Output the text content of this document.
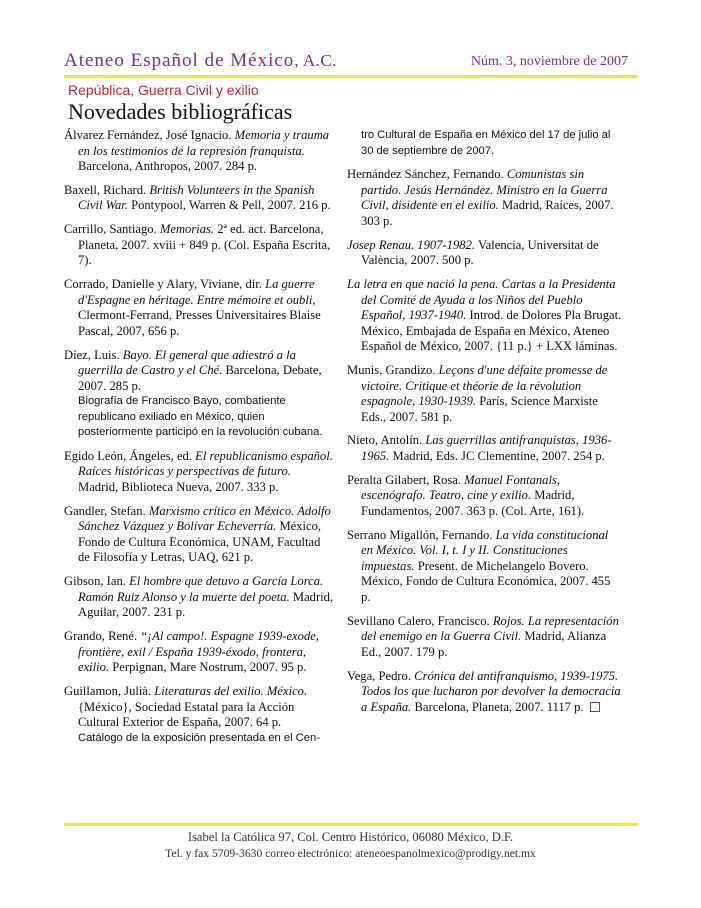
Ateneo Español de México, A.C.	Núm. 3, noviembre de 2007
República, Guerra Civil y exilio
Novedades bibliográficas

Álvarez Fernández, José Ignacio. Memoria y trauma en los testimonios de la represión franquista. Barcelona, Anthropos, 2007. 284 p.

Baxell, Richard. British Volunteers in the Spanish Civil War. Pontypool, Warren & Pell, 2007. 216 p.

Carrillo, Santiago. Memorias. 2ª ed. act. Barcelona, Planeta, 2007. xviii + 849 p. (Col. España Escrita, 7).

Corrado, Danielle y Alary, Viviane, dir. La guerre d'Espagne en héritage. Entre mémoire et oubli, Clermont-Ferrand, Presses Universitaires Blaise Pascal, 2007, 656 p.

Díez, Luis. Bayo. El general que adiestró a la guerrilla de Castro y el Ché. Barcelona, Debate, 2007. 285 p.
Biografía de Francisco Bayo, combatiente republicano exiliado en México, quien posteriormente participó en la revolución cubana.

Egido León, Ángeles, ed. El republicanismo español. Raíces históricas y perspectivas de futuro. Madrid, Biblioteca Nueva, 2007. 333 p.

Gandler, Stefan. Marxismo crítico en México. Adolfo Sánchez Vázquez y Bolívar Echeverría. México, Fondo de Cultura Económica, UNAM, Facultad de Filosofía y Letras, UAQ, 621 p.

Gibson, Ian. El hombre que detuvo a García Lorca. Ramón Ruiz Alonso y la muerte del poeta. Madrid, Aguilar, 2007. 231 p.

Grando, René. “¡Al campo!. Espagne 1939-exode, frontière, exil / España 1939-éxodo, frontera, exilio. Perpignan, Mare Nostrum, 2007. 95 p.

Guillamon, Julià. Literaturas del exilio. México. {México}, Sociedad Estatal para la Acción Cultural Exterior de España, 2007. 64 p.
Catálogo de la exposición presentada en el Cen-

tro Cultural de España en México del 17 de julio al 30 de septiembre de 2007.

Hernández Sánchez, Fernando. Comunistas sin partido. Jesús Hernández. Ministro en la Guerra Civil, disidente en el exilio. Madrid, Raíces, 2007. 303 p.

Josep Renau. 1907-1982. Valencia, Universitat de València, 2007. 500 p.

La letra en que nació la pena. Cartas a la Presidenta del Comité de Ayuda a los Niños del Pueblo Español, 1937-1940. Introd. de Dolores Pla Brugat. México, Embajada de España en México, Ateneo Español de México, 2007. {11 p.} + LXX láminas.

Munis, Grandizo. Leçons d'une défaite promesse de victoire. Critique et théorie de la révolution espagnole, 1930-1939. París, Science Marxiste Eds., 2007. 581 p.

Nieto, Antolín. Las guerrillas antifranquistas, 1936-1965. Madrid, Eds. JC Clementine, 2007. 254 p.

Peralta Gilabert, Rosa. Manuel Fontanals, escenógrafo. Teatro, cine y exilio. Madrid, Fundamentos, 2007. 363 p. (Col. Arte, 161).

Serrano Migallón, Fernando. La vida constitucional en México. Vol. I, t. I y II. Constituciones impuestas. Present. de Michelangelo Bovero. México, Fondo de Cultura Económica, 2007. 455 p.

Sevillano Calero, Francisco. Rojos. La representación del enemigo en la Guerra Civil. Madrid, Alianza Ed., 2007. 179 p.

Vega, Pedro. Crónica del antifranquismo, 1939-1975. Todos los que lucharon por devolver la democracia a España. Barcelona, Planeta, 2007. 1117 p.

Isabel la Católica 97, Col. Centro Histórico, 06080 México, D.F.
Tel. y fax 5709-3630 correo electrónico: ateneoespanolmexico@prodigy.net.mx
